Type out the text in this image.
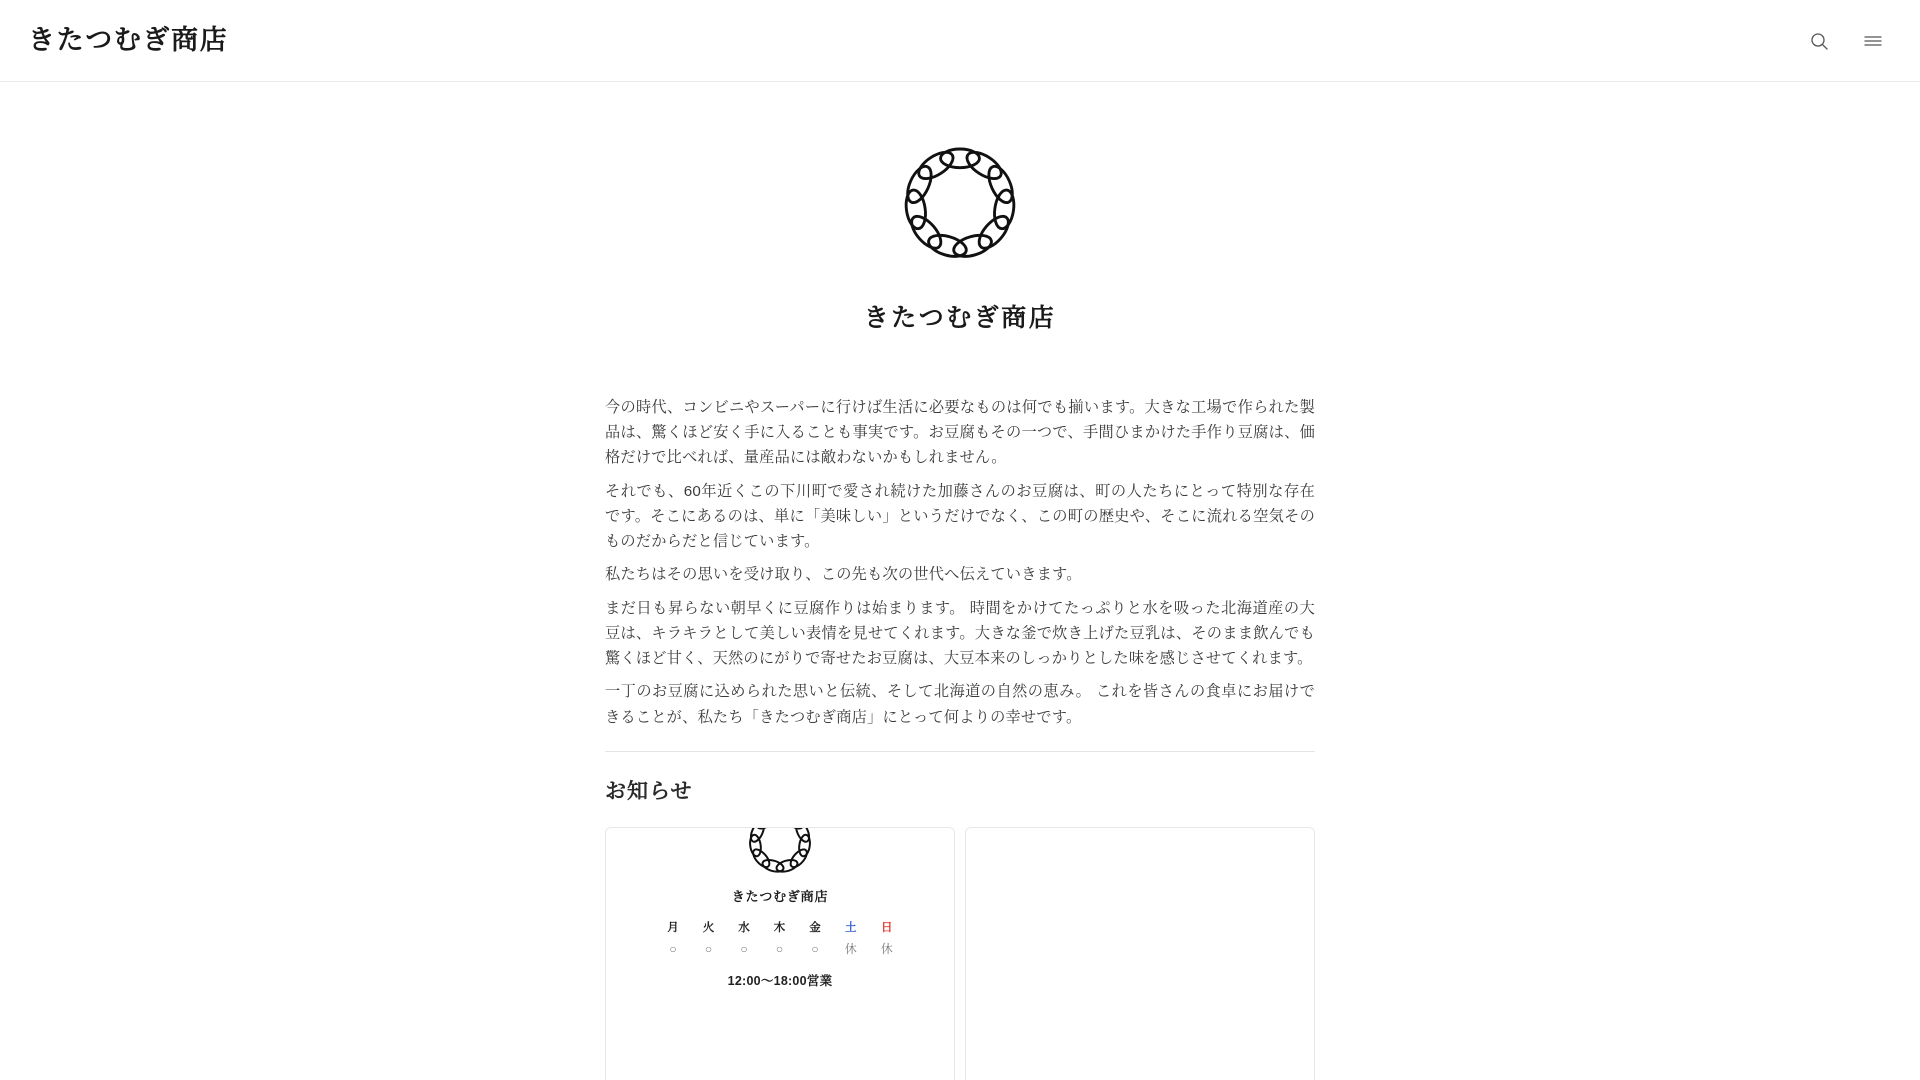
きたつむぎ商店
きたつむぎ商店

今の時代、コンビニやスーパーに行けば生活に必要なものは何でも揃います。大きな工場で作られた製品は、驚くほど安く手に入ることも事実です。お豆腐もその一つで、手間ひまかけた手作り豆腐は、価格だけで比べれば、量産品には敵わないかもしれません。

それでも、60年近くこの下川町で愛され続けた加藤さんのお豆腐は、町の人たちにとって特別な存在です。そこにあるのは、単に「美味しい」というだけでなく、この町の歴史や、そこに流れる空気そのものだからだと信じています。

私たちはその思いを受け取り、この先も次の世代へ伝えていきます。

まだ日も昇らない朝早くに豆腐作りは始まります。 時間をかけてたっぷりと水を吸った北海道産の大豆は、キラキラとして美しい表情を見せてくれます。大きな釜で炊き上げた豆乳は、そのまま飲んでも驚くほど甘く、天然のにがりで寄せたお豆腐は、大豆本来のしっかりとした味を感じさせてくれます。

一丁のお豆腐に込められた思いと伝統、そして北海道の自然の恵み。 これを皆さんの食卓にお届けできることが、私たち「きたつむぎ商店」にとって何よりの幸せです。

お知らせ
きたつむぎ商店
月	火	水	木	金	土	日
○	○	○	○	○	休	休
12:00〜18:00営業
